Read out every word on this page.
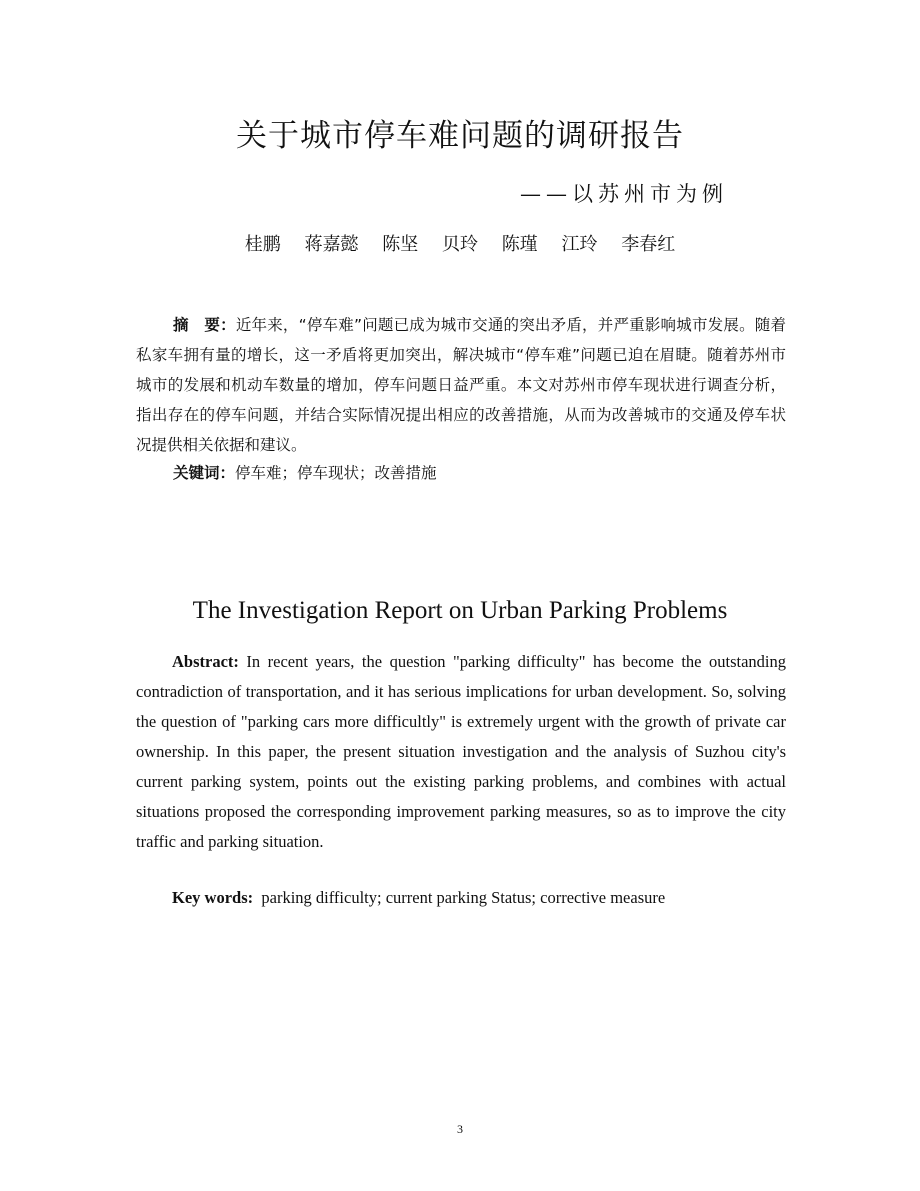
关于城市停车难问题的调研报告
——以苏州市为例
桂鹏 蒋嘉懿 陈坚 贝玲 陈瑾 江玲 李春红

摘　要：近年来，“停车难”问题已成为城市交通的突出矛盾，并严重影响城市发展。随着私家车拥有量的增长，这一矛盾将更加突出，解决城市“停车难”问题已迫在眉睫。随着苏州市城市的发展和机动车数量的增加，停车问题日益严重。本文对苏州市停车现状进行调查分析，指出存在的停车问题，并结合实际情况提出相应的改善措施，从而为改善城市的交通及停车状况提供相关依据和建议。

关键词：停车难；停车现状；改善措施
The Investigation Report on Urban Parking Problems

Abstract: In recent years, the question "parking difficulty" has become the outstanding contradiction of transportation, and it has serious implications for urban development. So, solving the question of "parking cars more difficultly" is extremely urgent with the growth of private car ownership. In this paper, the present situation investigation and the analysis of Suzhou city's current parking system, points out the existing parking problems, and combines with actual situations proposed the corresponding improvement parking measures, so as to improve the city traffic and parking situation.

Key words: parking difficulty; current parking Status; corrective measure
3
